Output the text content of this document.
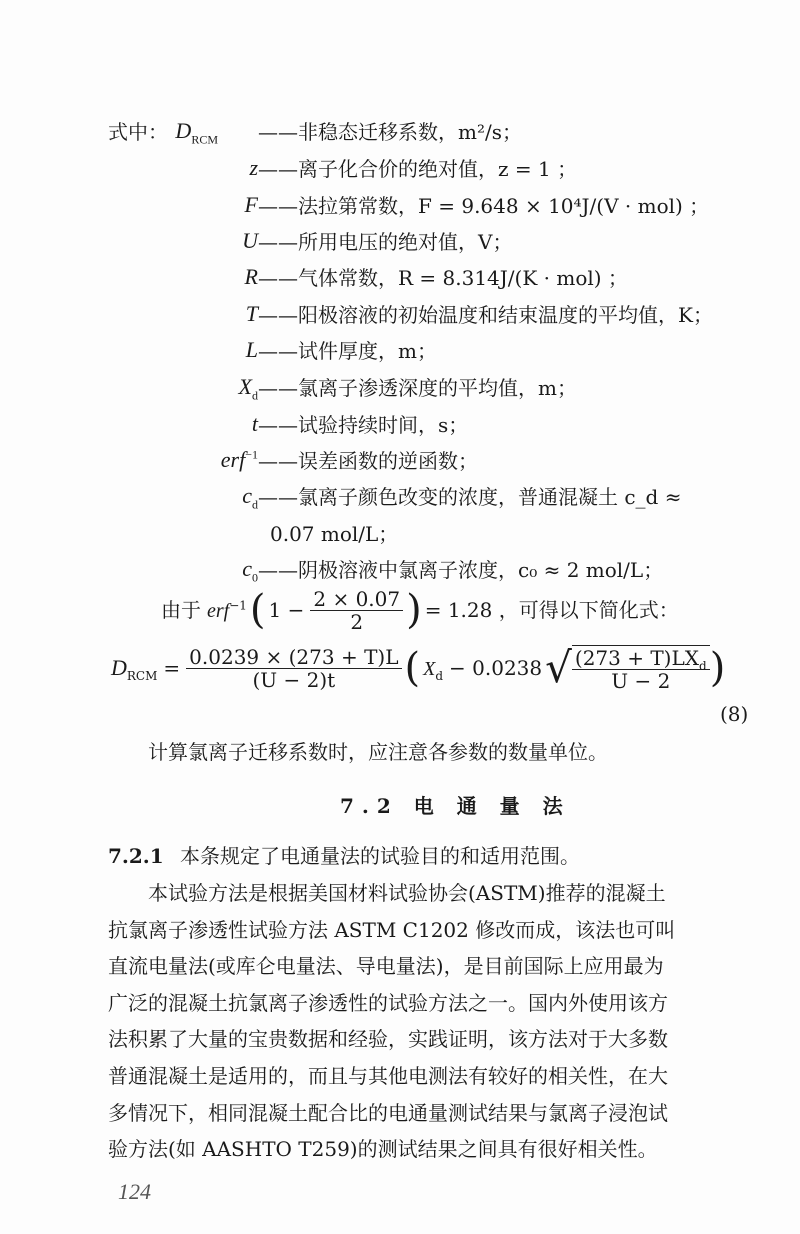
式中： $D_{RCM}$ ——非稳态迁移系数，m²/s；
z ——离子化合价的绝对值，z = 1 ；
F ——法拉第常数，F = 9.648 × 10⁴J/(V · mol) ；
U ——所用电压的绝对值，V；
R ——气体常数，R = 8.314J/(K · mol) ；
T ——阳极溶液的初始温度和结束温度的平均值，K；
L ——试件厚度，m；
$X_d$ ——氯离子渗透深度的平均值，m；
t ——试验持续时间，s；
erf$^{-1}$ ——误差函数的逆函数；
$c_d$ ——氯离子颜色改变的浓度，普通混凝土 c_d ≈
0.07 mol/L；
$c_0$ ——阴极溶液中氯离子浓度，c₀ ≈ 2 mol/L；
由于 erf$^{-1}$ ( $1 - \frac{2 \times 0.07}{2}$ ) = 1.28 ，可得以下简化式：
$D_{RCM} = \frac{0.0239 \times (273 + T)L}{(U - 2)t}$ ( $X_d - 0.0238$ √ $\frac{(273 + T)LX_d}{U - 2}$ )
(8)
计算氯离子迁移系数时，应注意各参数的数量单位。
7.2 电 通 量 法
7.2.1 本条规定了电通量法的试验目的和适用范围。
本试验方法是根据美国材料试验协会(ASTM)推荐的混凝土
抗氯离子渗透性试验方法 ASTM C1202 修改而成，该法也可叫
直流电量法(或库仑电量法、导电量法)，是目前国际上应用最为
广泛的混凝土抗氯离子渗透性的试验方法之一。国内外使用该方
法积累了大量的宝贵数据和经验，实践证明，该方法对于大多数
普通混凝土是适用的，而且与其他电测法有较好的相关性，在大
多情况下，相同混凝土配合比的电通量测试结果与氯离子浸泡试
验方法(如 AASHTO T259)的测试结果之间具有很好相关性。
124
